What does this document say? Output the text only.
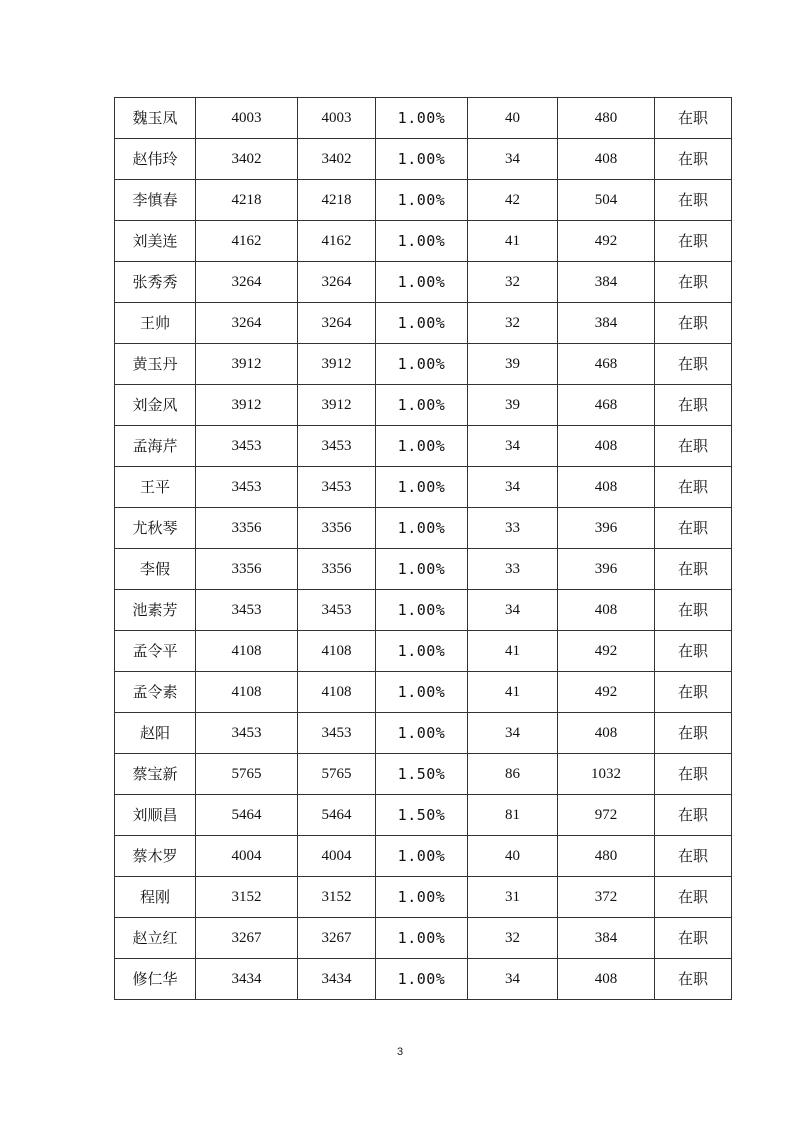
魏玉凤	4003	4003	1.00%	40	480	在职
赵伟玲	3402	3402	1.00%	34	408	在职
李慎春	4218	4218	1.00%	42	504	在职
刘美连	4162	4162	1.00%	41	492	在职
张秀秀	3264	3264	1.00%	32	384	在职
王帅	3264	3264	1.00%	32	384	在职
黄玉丹	3912	3912	1.00%	39	468	在职
刘金风	3912	3912	1.00%	39	468	在职
孟海芹	3453	3453	1.00%	34	408	在职
王平	3453	3453	1.00%	34	408	在职
尤秋琴	3356	3356	1.00%	33	396	在职
李假	3356	3356	1.00%	33	396	在职
池素芳	3453	3453	1.00%	34	408	在职
孟令平	4108	4108	1.00%	41	492	在职
孟令素	4108	4108	1.00%	41	492	在职
赵阳	3453	3453	1.00%	34	408	在职
蔡宝新	5765	5765	1.50%	86	1032	在职
刘顺昌	5464	5464	1.50%	81	972	在职
蔡木罗	4004	4004	1.00%	40	480	在职
程刚	3152	3152	1.00%	31	372	在职
赵立红	3267	3267	1.00%	32	384	在职
修仁华	3434	3434	1.00%	34	408	在职
3
